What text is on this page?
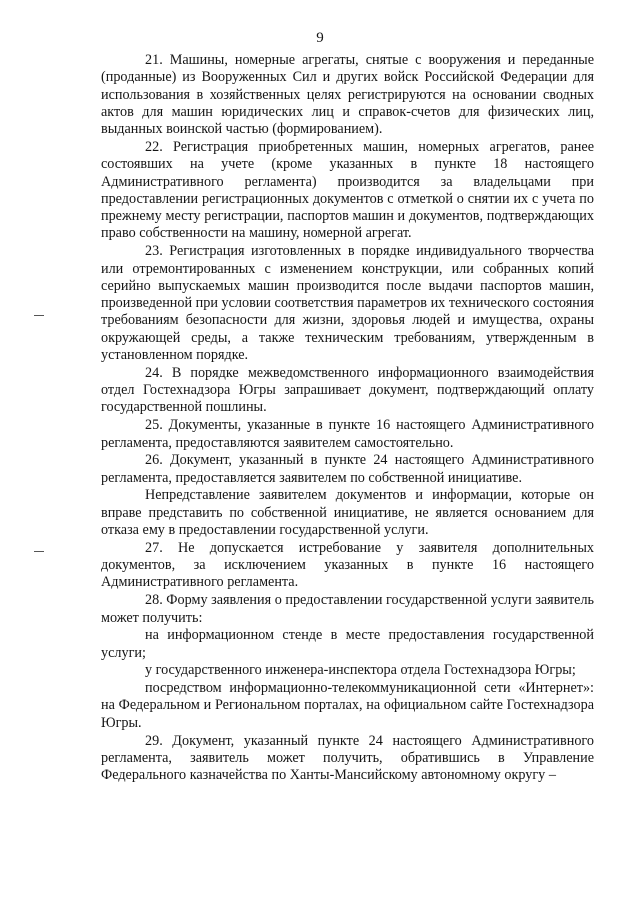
9

21. Машины, номерные агрегаты, снятые с вооружения и переданные (проданные) из Вооруженных Сил и других войск Российской Федерации для использования в хозяйственных целях регистрируются на основании сводных актов для машин юридических лиц и справок-счетов для физических лиц, выданных воинской частью (формированием).

22. Регистрация приобретенных машин, номерных агрегатов, ранее состоявших на учете (кроме указанных в пункте 18 настоящего Административного регламента) производится за владельцами при предоставлении регистрационных документов с отметкой о снятии их с учета по прежнему месту регистрации, паспортов машин и документов, подтверждающих право собственности на машину, номерной агрегат.

23. Регистрация изготовленных в порядке индивидуального творчества или отремонтированных с изменением конструкции, или собранных копий серийно выпускаемых машин производится после выдачи паспортов машин, произведенной при условии соответствия параметров их технического состояния требованиям безопасности для жизни, здоровья людей и имущества, охраны окружающей среды, а также техническим требованиям, утвержденным в установленном порядке.

24. В порядке межведомственного информационного взаимодействия отдел Гостехнадзора Югры запрашивает документ, подтверждающий оплату государственной пошлины.

25. Документы, указанные в пункте 16 настоящего Административного регламента, предоставляются заявителем самостоятельно.

26. Документ, указанный в пункте 24 настоящего Административного регламента, предоставляется заявителем по собственной инициативе.

Непредставление заявителем документов и информации, которые он вправе представить по собственной инициативе, не является основанием для отказа ему в предоставлении государственной услуги.

27. Не допускается истребование у заявителя дополнительных документов, за исключением указанных в пункте 16 настоящего Административного регламента.

28. Форму заявления о предоставлении государственной услуги заявитель может получить:

на информационном стенде в месте предоставления государственной услуги;

у государственного инженера-инспектора отдела Гостехнадзора Югры;

посредством информационно-телекоммуникационной сети «Интернет»: на Федеральном и Региональном порталах, на официальном сайте Гостехнадзора Югры.

29. Документ, указанный пункте 24 настоящего Административного регламента, заявитель может получить, обратившись в Управление Федерального казначейства по Ханты-Мансийскому автономному округу –
